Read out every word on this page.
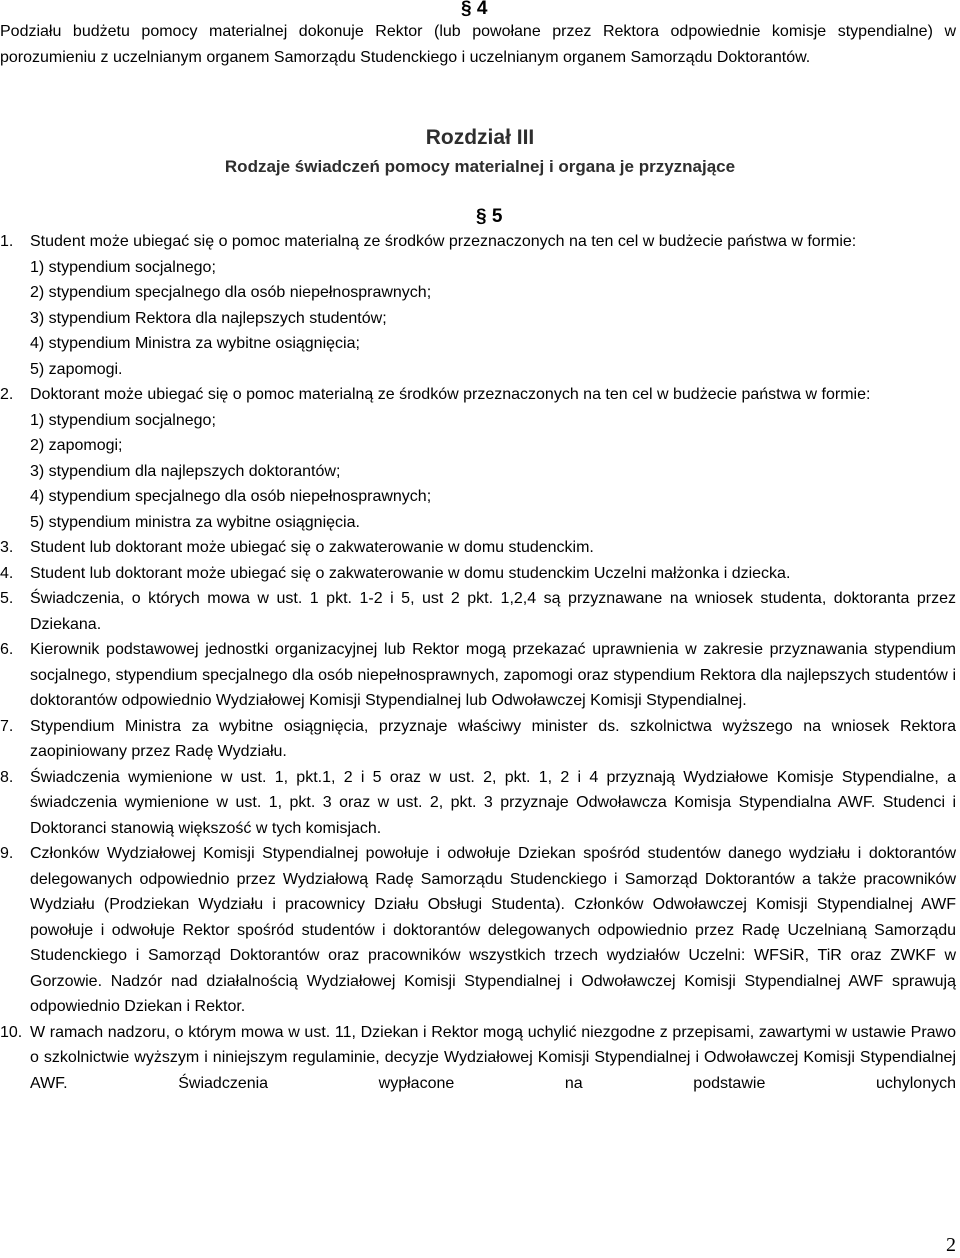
§ 4
Podziału budżetu pomocy materialnej dokonuje Rektor (lub powołane przez Rektora odpowiednie komisje stypendialne) w porozumieniu z uczelnianym organem Samorządu Studenckiego i uczelnianym organem Samorządu Doktorantów.
Rozdział III
Rodzaje świadczeń pomocy materialnej i organa je przyznające
§ 5
1.	Student może ubiegać się o pomoc materialną ze środków przeznaczonych na ten cel w budżecie państwa w formie:
1) stypendium socjalnego;
2) stypendium specjalnego dla osób niepełnosprawnych;
3) stypendium Rektora dla najlepszych studentów;
4) stypendium Ministra za wybitne osiągnięcia;
5) zapomogi.
2.	Doktorant może ubiegać się o pomoc materialną ze środków przeznaczonych na ten cel w budżecie państwa w formie:
1) stypendium socjalnego;
2) zapomogi;
3) stypendium dla najlepszych doktorantów;
4) stypendium specjalnego dla osób niepełnosprawnych;
5) stypendium ministra za wybitne osiągnięcia.
3.	Student lub doktorant może ubiegać się o zakwaterowanie w domu studenckim.
4.	Student lub doktorant może ubiegać się o zakwaterowanie w domu studenckim Uczelni małżonka i dziecka.
5.	Świadczenia, o których mowa w ust. 1 pkt. 1-2 i 5, ust 2 pkt. 1,2,4 są przyznawane na wniosek studenta, doktoranta przez Dziekana.
6.	Kierownik podstawowej jednostki organizacyjnej lub Rektor mogą przekazać uprawnienia w zakresie przyznawania stypendium socjalnego, stypendium specjalnego dla osób niepełnosprawnych, zapomogi oraz stypendium Rektora dla najlepszych studentów i doktorantów odpowiednio Wydziałowej Komisji Stypendialnej lub Odwoławczej Komisji Stypendialnej.
7.	Stypendium Ministra za wybitne osiągnięcia, przyznaje właściwy minister ds. szkolnictwa wyższego na wniosek Rektora zaopiniowany przez Radę Wydziału.
8.	Świadczenia wymienione w ust. 1, pkt.1, 2 i 5 oraz w ust. 2, pkt. 1, 2 i 4 przyznają Wydziałowe Komisje Stypendialne, a świadczenia wymienione w ust. 1, pkt. 3 oraz w ust. 2, pkt. 3 przyznaje Odwoławcza Komisja Stypendialna AWF. Studenci i Doktoranci stanowią większość w tych komisjach.
9.	Członków Wydziałowej Komisji Stypendialnej powołuje i odwołuje Dziekan spośród studentów danego wydziału i doktorantów delegowanych odpowiednio przez Wydziałową Radę Samorządu Studenckiego i Samorząd Doktorantów a także pracowników Wydziału (Prodziekan Wydziału i pracownicy Działu Obsługi Studenta). Członków Odwoławczej Komisji Stypendialnej AWF powołuje i odwołuje Rektor spośród studentów i doktorantów delegowanych odpowiednio przez Radę Uczelnianą Samorządu Studenckiego i Samorząd Doktorantów oraz pracowników wszystkich trzech wydziałów Uczelni: WFSiR, TiR oraz ZWKF w Gorzowie. Nadzór nad działalnością Wydziałowej Komisji Stypendialnej i Odwoławczej Komisji Stypendialnej AWF sprawują odpowiednio Dziekan i Rektor.
10. W ramach nadzoru, o którym mowa w ust. 11, Dziekan i Rektor mogą uchylić niezgodne z przepisami, zawartymi w ustawie Prawo o szkolnictwie wyższym i niniejszym regulaminie, decyzje Wydziałowej Komisji Stypendialnej i Odwoławczej Komisji Stypendialnej AWF. Świadczenia wypłacone na podstawie uchylonych
2
